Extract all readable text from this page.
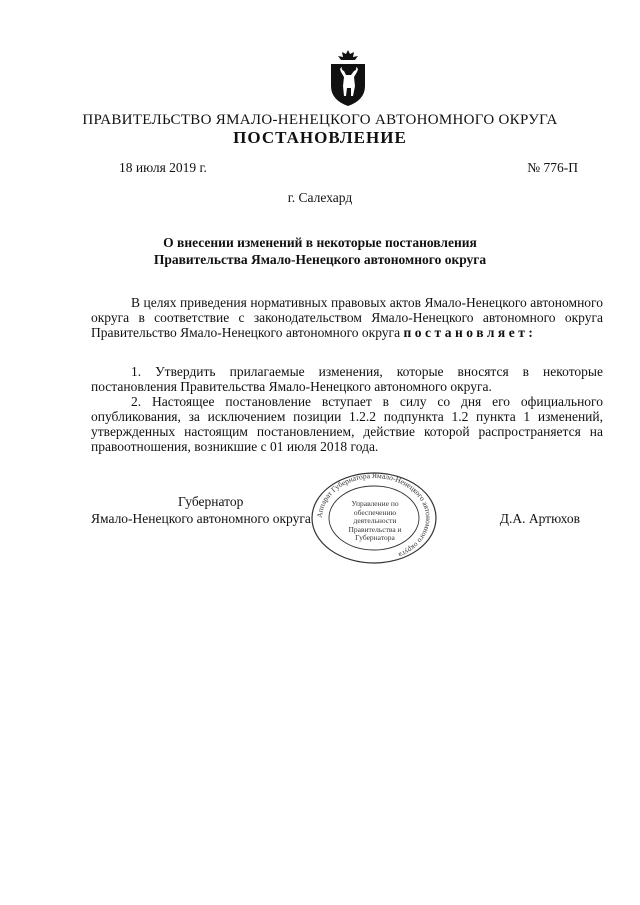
ПРАВИТЕЛЬСТВО ЯМАЛО-НЕНЕЦКОГО АВТОНОМНОГО ОКРУГА
ПОСТАНОВЛЕНИЕ
18 июля 2019 г.	№ 776-П
г. Салехард
О внесении изменений в некоторые постановления
Правительства Ямало-Ненецкого автономного округа
В целях приведения нормативных правовых актов Ямало-Ненецкого автономного округа в соответствие с законодательством Ямало-Ненецкого автономного округа Правительство Ямало-Ненецкого автономного округа постановляет:
1. Утвердить прилагаемые изменения, которые вносятся в некоторые постановления Правительства Ямало-Ненецкого автономного округа.
2. Настоящее постановление вступает в силу со дня его официального опубликования, за исключением позиции 1.2.2 подпункта 1.2 пункта 1 изменений, утвержденных настоящим постановлением, действие которой распространяется на правоотношения, возникшие с 01 июля 2018 года.
Губернатор
Ямало-Ненецкого автономного округа	Д.А. Артюхов
Аппарат Губернатора Ямало-Ненецкого автономного округа
Управление по обеспечению деятельности Правительства и Губернатора
